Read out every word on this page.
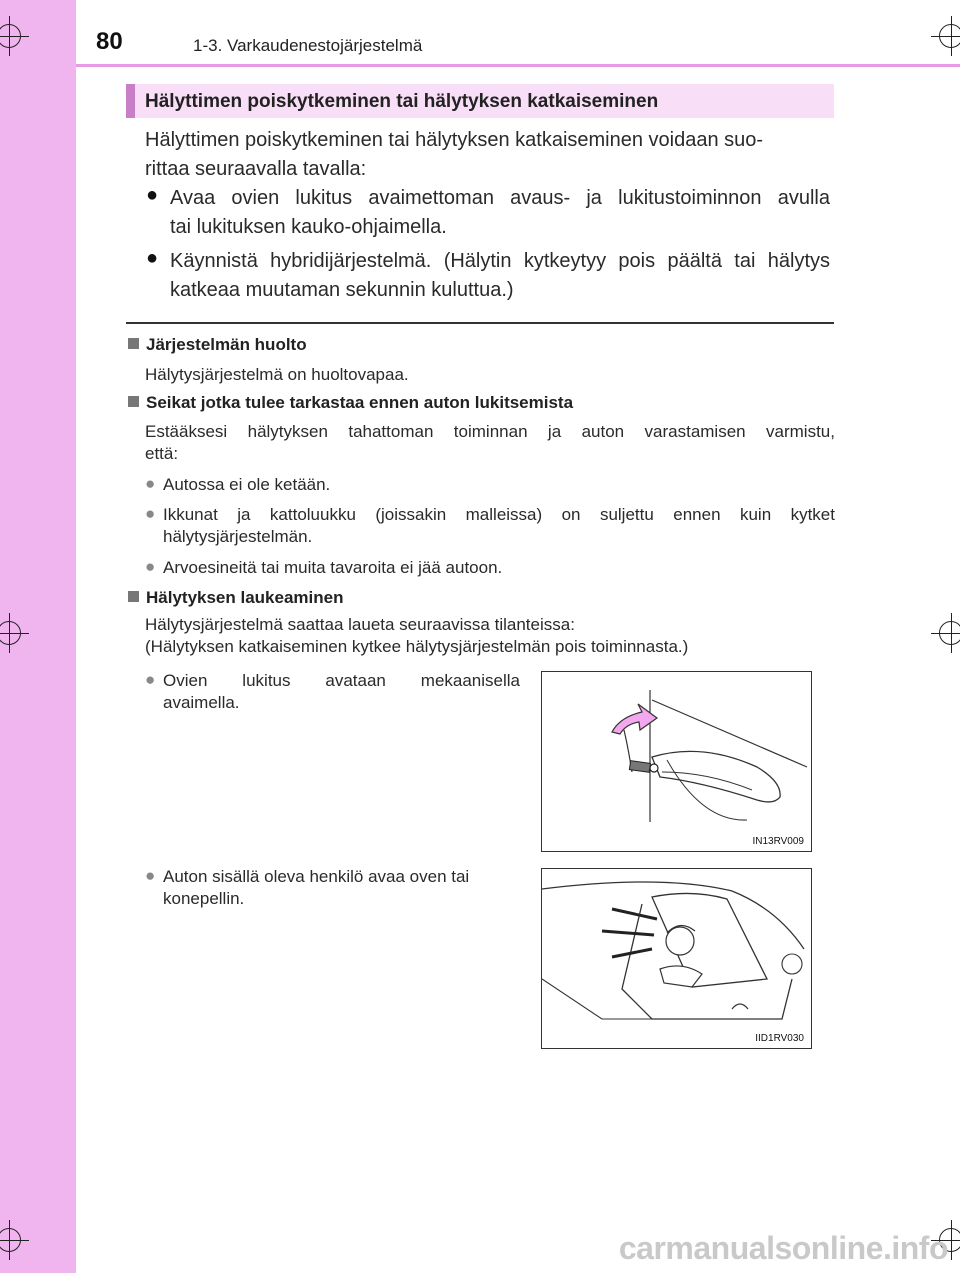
80	1-3. Varkaudenestojärjestelmä
Hälyttimen poiskytkeminen tai hälytyksen katkaiseminen
Hälyttimen poiskytkeminen tai hälytyksen katkaiseminen voidaan suo-
rittaa seuraavalla tavalla:
● Avaa ovien lukitus avaimettoman avaus- ja lukitustoiminnon avulla
tai lukituksen kauko-ohjaimella.
● Käynnistä hybridijärjestelmä. (Hälytin kytkeytyy pois päältä tai hälytys
katkeaa muutaman sekunnin kuluttua.)
Järjestelmän huolto
Hälytysjärjestelmä on huoltovapaa.
Seikat jotka tulee tarkastaa ennen auton lukitsemista
Estääksesi hälytyksen tahattoman toiminnan ja auton varastamisen varmistu,
että:
● Autossa ei ole ketään.
● Ikkunat ja kattoluukku (joissakin malleissa) on suljettu ennen kuin kytket
hälytysjärjestelmän.
● Arvoesineitä tai muita tavaroita ei jää autoon.
Hälytyksen laukeaminen
Hälytysjärjestelmä saattaa laueta seuraavissa tilanteissa:
(Hälytyksen katkaiseminen kytkee hälytysjärjestelmän pois toiminnasta.)
● Ovien lukitus avataan mekaanisella
avaimella.
● Auton sisällä oleva henkilö avaa oven tai
konepellin.
IN13RV009
IID1RV030
carmanualsonline.info
